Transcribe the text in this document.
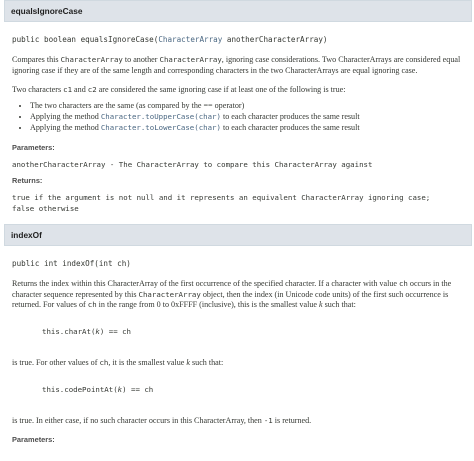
equalsIgnoreCase
public boolean equalsIgnoreCase(CharacterArray anotherCharacterArray)

Compares this CharacterArray to another CharacterArray, ignoring case considerations. Two CharacterArrays are considered equal ignoring case if they are of the same length and corresponding characters in the two CharacterArrays are equal ignoring case.

Two characters c1 and c2 are considered the same ignoring case if at least one of the following is true:

• The two characters are the same (as compared by the == operator)
• Applying the method Character.toUpperCase(char) to each character produces the same result
• Applying the method Character.toLowerCase(char) to each character produces the same result
Parameters:
anotherCharacterArray - The CharacterArray to compare this CharacterArray against
Returns:
true if the argument is not null and it represents an equivalent CharacterArray ignoring case;
false otherwise
indexOf
public int indexOf(int ch)

Returns the index within this CharacterArray of the first occurrence of the specified character. If a character with value ch occurs in the character sequence represented by this CharacterArray object, then the index (in Unicode code units) of the first such occurrence is returned. For values of ch in the range from 0 to 0xFFFF (inclusive), this is the smallest value k such that:

this.charAt(k) == ch

is true. For other values of ch, it is the smallest value k such that:

this.codePointAt(k) == ch

is true. In either case, if no such character occurs in this CharacterArray, then -1 is returned.

Parameters:
